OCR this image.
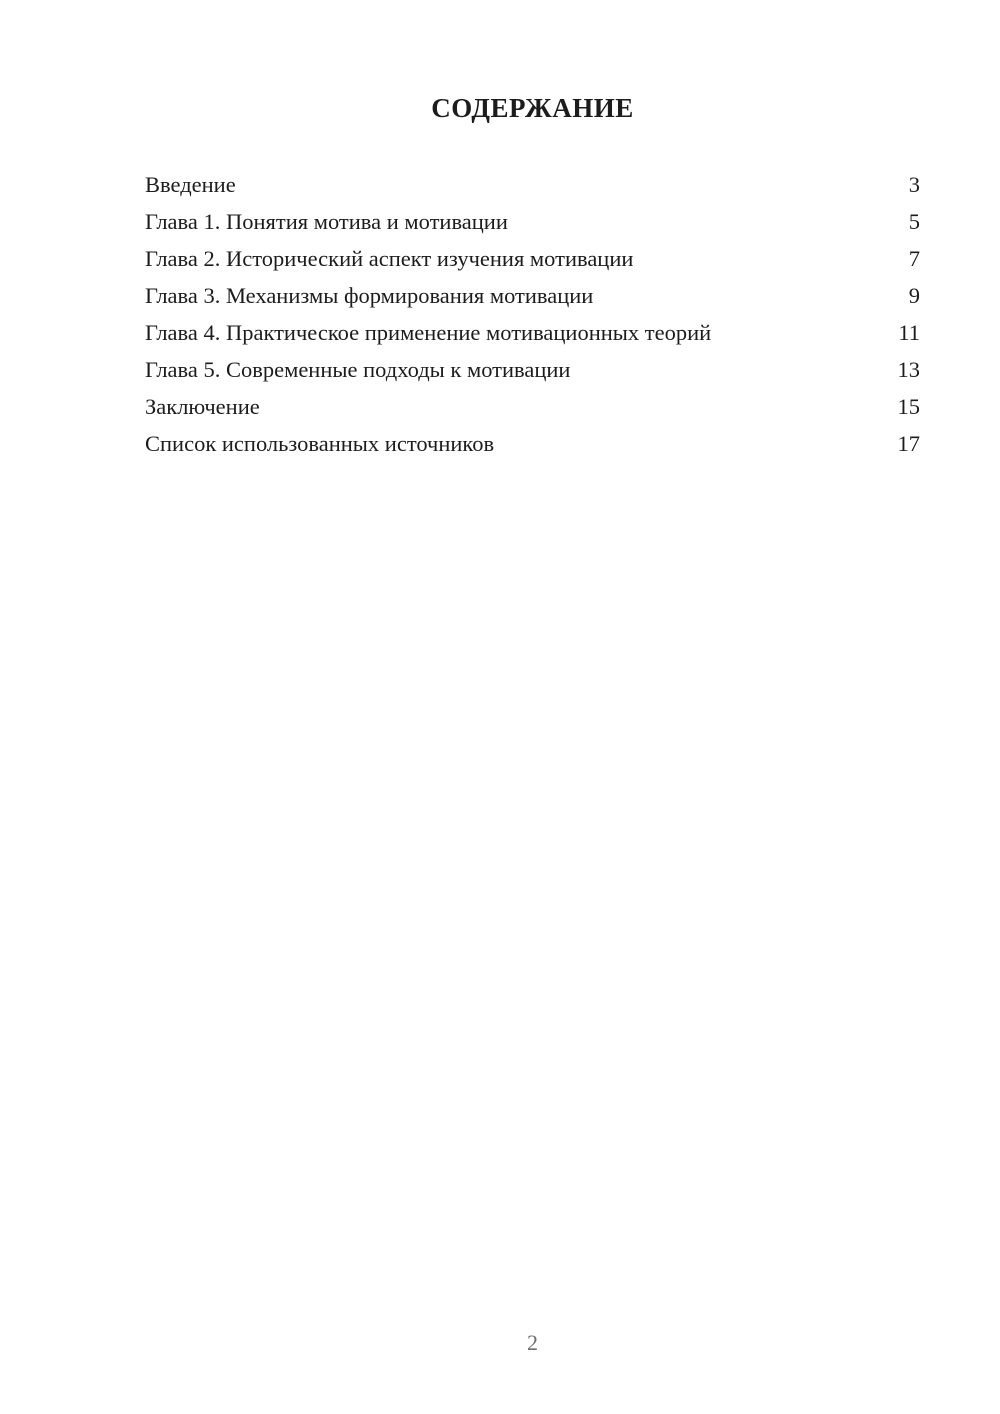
СОДЕРЖАНИЕ
Введение	3
Глава 1. Понятия мотива и мотивации	5
Глава 2. Исторический аспект изучения мотивации	7
Глава 3. Механизмы формирования мотивации	9
Глава 4. Практическое применение мотивационных теорий	11
Глава 5. Современные подходы к мотивации	13
Заключение	15
Список использованных источников	17
2
